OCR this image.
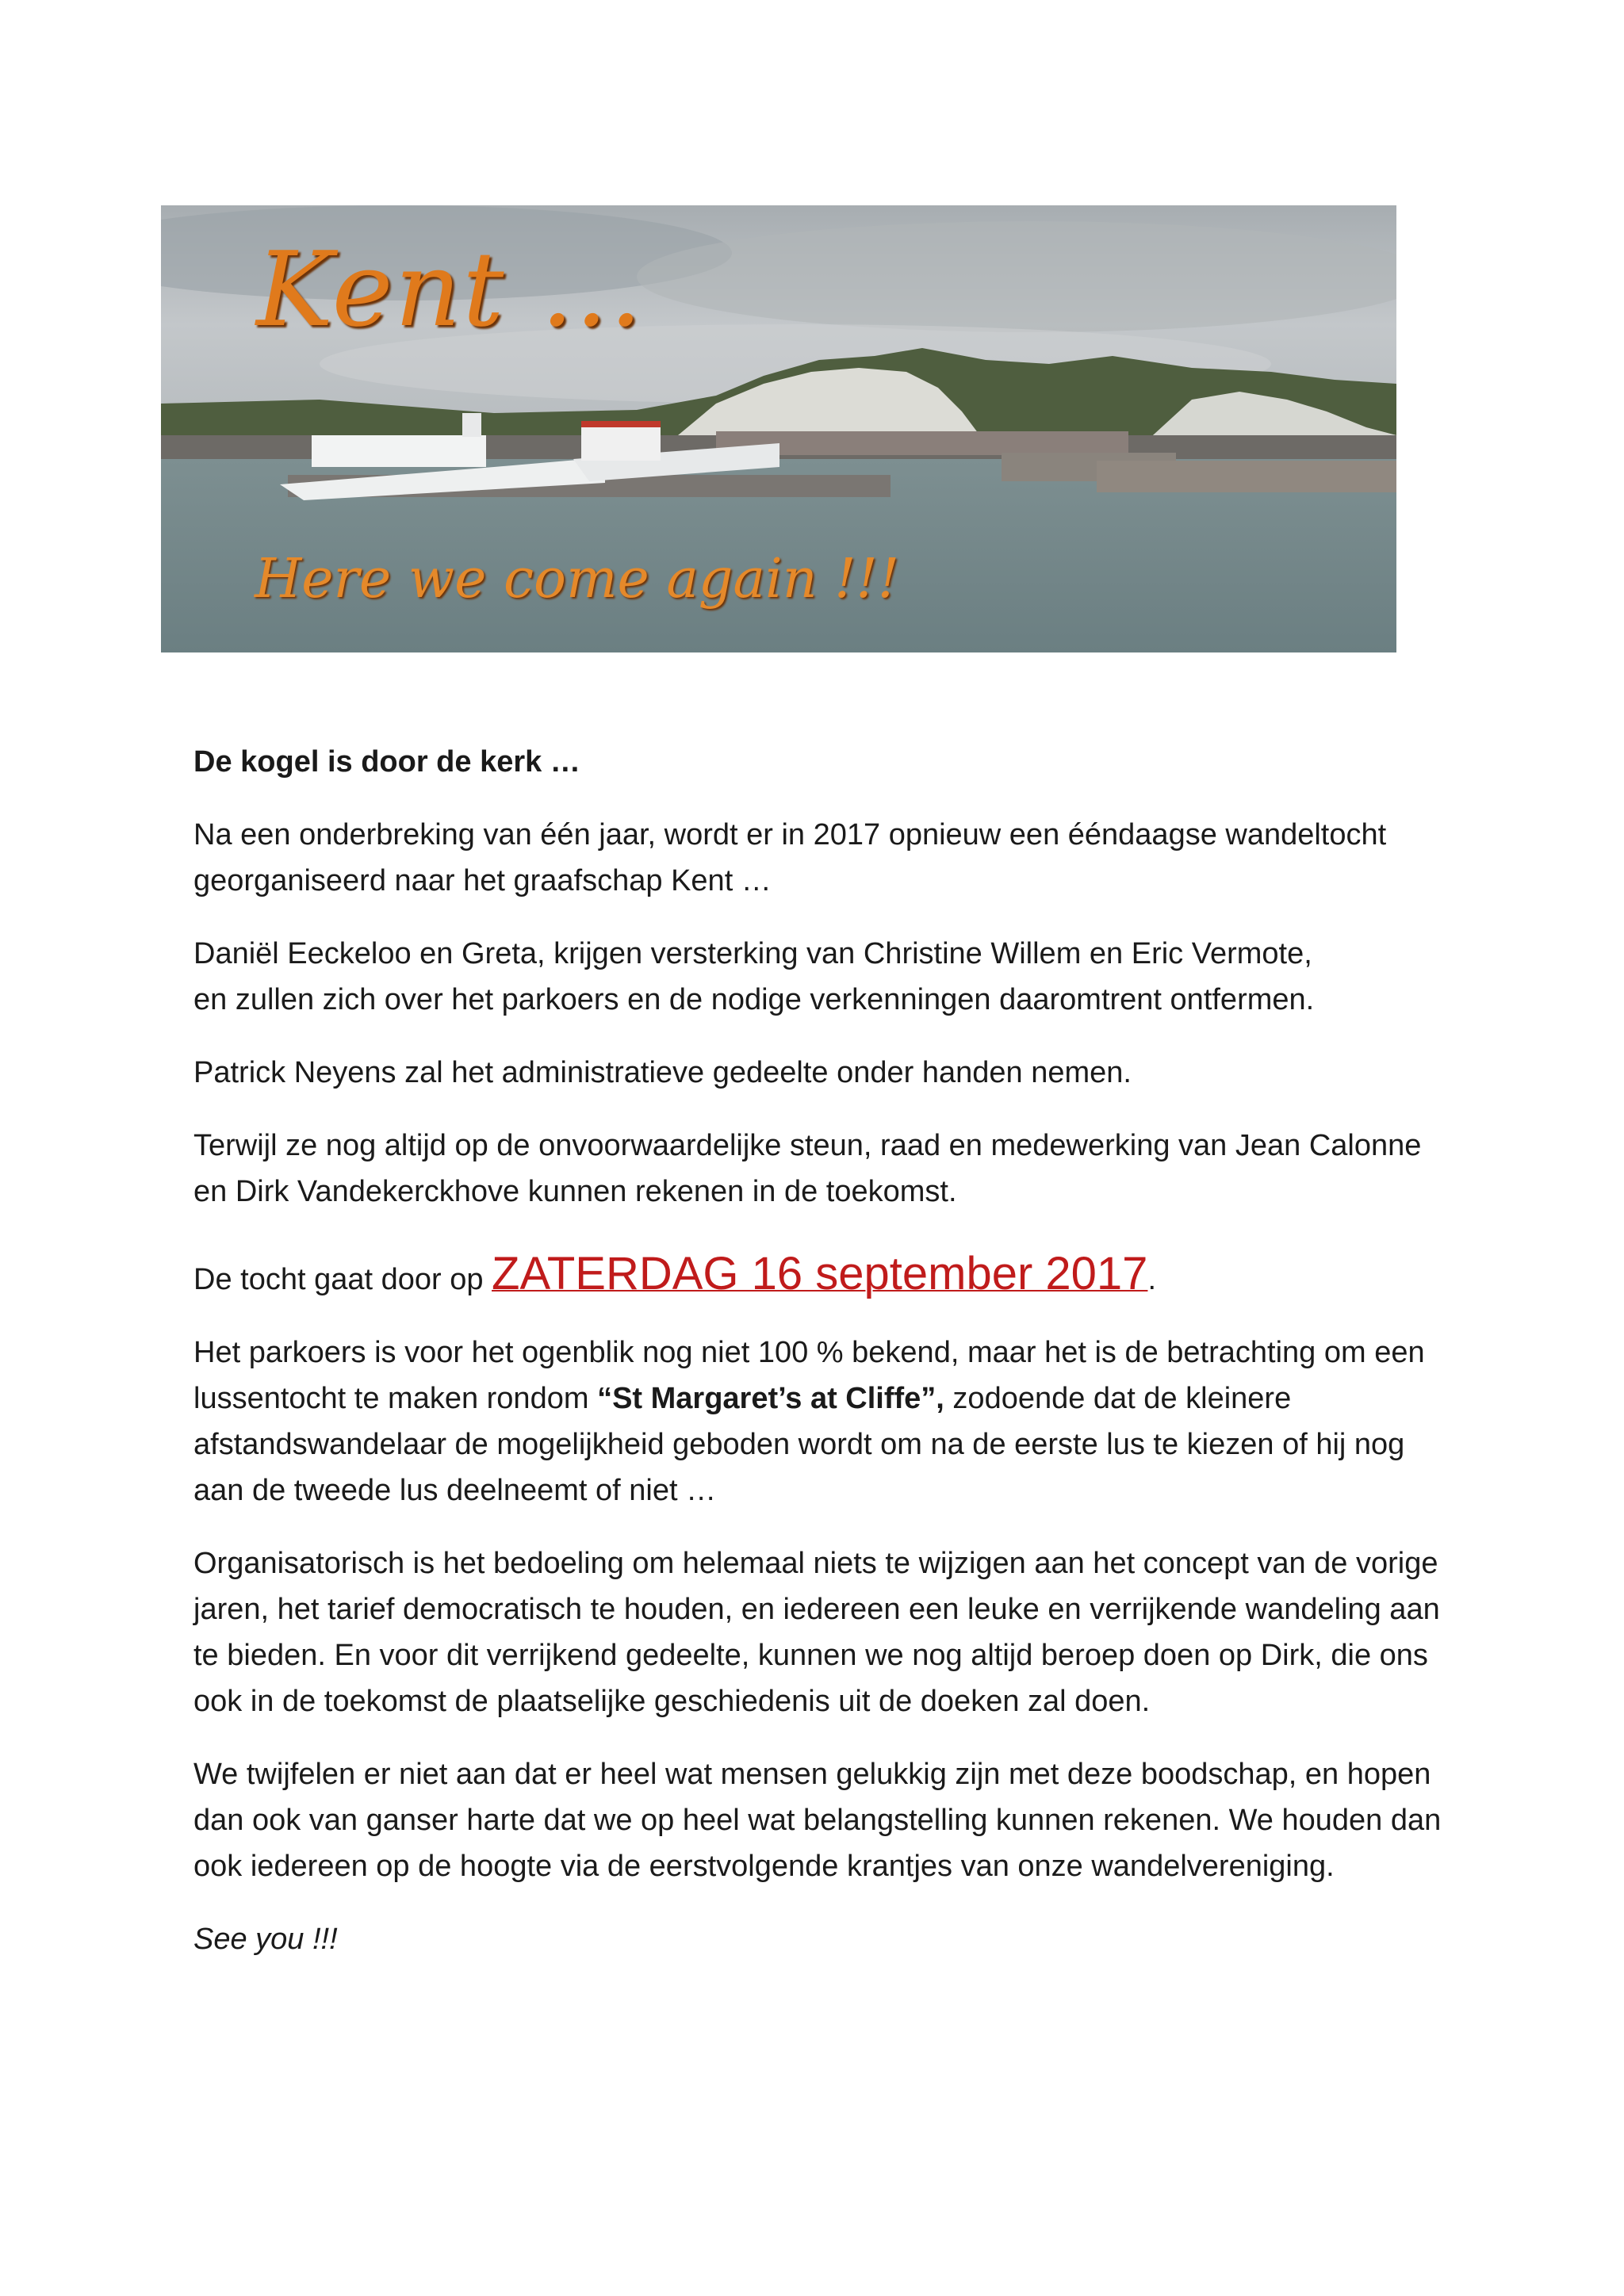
Kent …
Here we come again !!!

De kogel is door de kerk …

Na een onderbreking van één jaar, wordt er in 2017 opnieuw een ééndaagse wandeltocht georganiseerd naar het graafschap Kent …

Daniël Eeckeloo en Greta, krijgen versterking van Christine Willem en Eric Vermote,
en zullen zich over het parkoers en de nodige verkenningen daaromtrent ontfermen.

Patrick Neyens zal het administratieve gedeelte onder handen nemen.

Terwijl ze nog altijd op de onvoorwaardelijke steun, raad en medewerking van Jean Calonne en Dirk Vandekerckhove kunnen rekenen in de toekomst.

De tocht gaat door op ZATERDAG 16 september 2017.

Het parkoers is voor het ogenblik nog niet 100 % bekend, maar het is de betrachting om een lussentocht te maken rondom “St Margaret’s at Cliffe”, zodoende dat de kleinere afstandswandelaar de mogelijkheid geboden wordt om na de eerste lus te kiezen of hij nog aan de tweede lus deelneemt of niet …

Organisatorisch is het bedoeling om helemaal niets te wijzigen aan het concept van de vorige jaren, het tarief democratisch te houden, en iedereen een leuke en verrijkende wandeling aan te bieden. En voor dit verrijkend gedeelte, kunnen we nog altijd beroep doen op Dirk, die ons ook in de toekomst de plaatselijke geschiedenis uit de doeken zal doen.

We twijfelen er niet aan dat er heel wat mensen gelukkig zijn met deze boodschap, en hopen dan ook van ganser harte dat we op heel wat belangstelling kunnen rekenen. We houden dan ook iedereen op de hoogte via de eerstvolgende krantjes van onze wandelvereniging.

See you !!!
